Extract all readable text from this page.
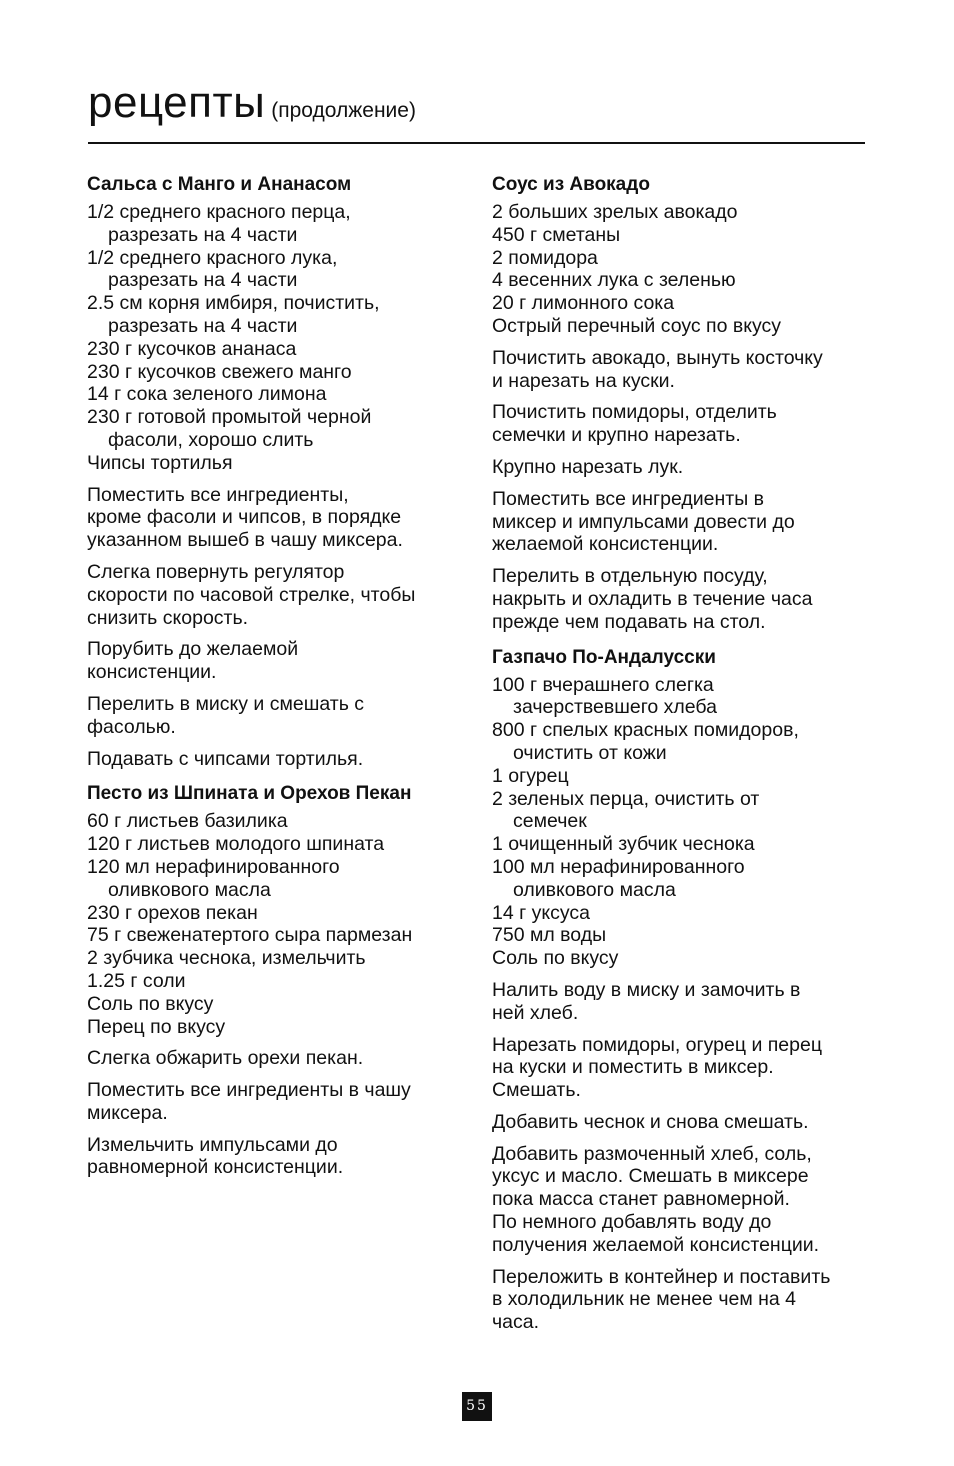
рецепты (продолжение)
Сальса с Манго и Ананасом
1/2 среднего красного перца,
разрезать на 4 части
1/2 среднего красного лука,
разрезать на 4 части
2.5 см корня имбиря, почистить,
разрезать на 4 части
230 г кусочков ананаса
230 г кусочков свежего манго
14 г сока зеленого лимона
230 г готовой промытой черной
фасоли, хорошо слить
Чипсы тортилья
Поместить все ингредиенты,
кроме фасоли и чипсов, в порядке
указанном вышеб в чашу миксера.
Слегка повернуть регулятор
скорости по часовой стрелке, чтобы
снизить скорость.
Порубить до желаемой
консистенции.
Перелить в миску и смешать с
фасолью.
Подавать с чипсами тортилья.
Песто из Шпината и Орехов Пекан
60 г листьев базилика
120 г листьев молодого шпината
120 мл нерафинированного
оливкового масла
230 г орехов пекан
75 г свеженатертого сыра пармезан
2 зубчика чеснока, измельчить
1.25 г соли
Соль по вкусу
Перец по вкусу
Слегка обжарить орехи пекан.
Поместить все ингредиенты в чашу
миксера.
Измельчить импульсами до
равномерной консистенции.
Соус из Авокадо
2 больших зрелых авокадо
450 г сметаны
2 помидора
4 весенних лука с зеленью
20 г лимонного сока
Острый перечный соус по вкусу
Почистить авокадо, вынуть косточку
и нарезать на куски.
Почистить помидоры, отделить
семечки и крупно нарезать.
Крупно нарезать лук.
Поместить все ингредиенты в
миксер и импульсами довести до
желаемой консистенции.
Перелить в отдельную посуду,
накрыть и охладить в течение часа
прежде чем подавать на стол.
Газпачо По-Андалусски
100 г вчерашнего слегка
зачерствевшего хлеба
800 г спелых красных помидоров,
очистить от кожи
1 огурец
2 зеленых перца, очистить от
семечек
1 очищенный зубчик чеснока
100 мл нерафинированного
оливкового масла
14 г уксуса
750 мл воды
Соль по вкусу
Налить воду в миску и замочить в
ней хлеб.
Нарезать помидоры, огурец и перец
на куски и поместить в миксер.
Смешать.
Добавить чеснок и снова смешать.
Добавить размоченный хлеб, соль,
уксус и масло. Смешать в миксере
пока масса станет равномерной.
По немного добавлять воду до
получения желаемой консистенции.
Переложить в контейнер и поставить
в холодильник не менее чем на 4
часа.
55
